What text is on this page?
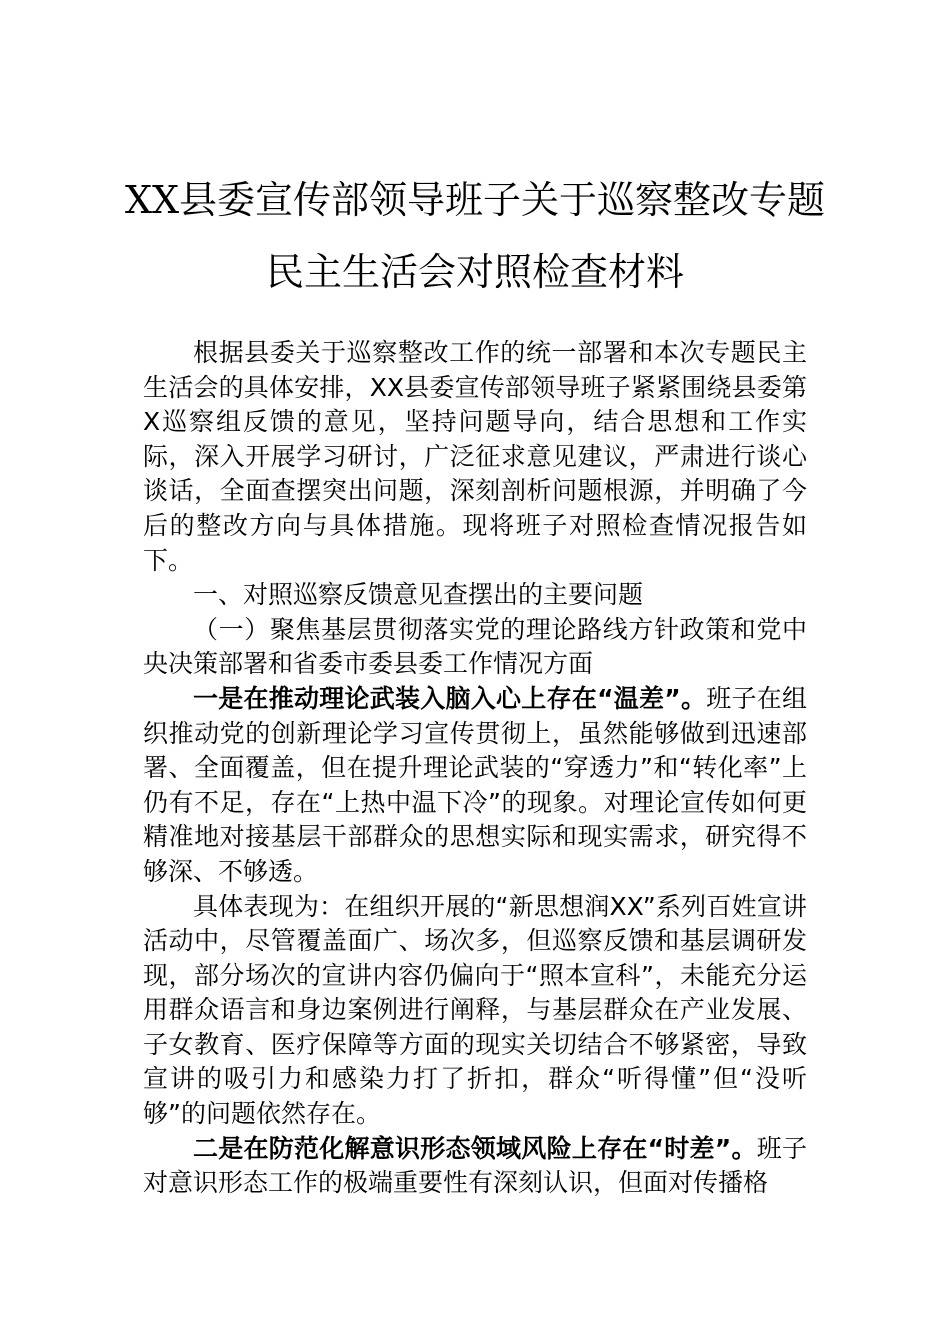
XX县委宣传部领导班子关于巡察整改专题
民主生活会对照检查材料

根据县委关于巡察整改工作的统一部署和本次专题民主生活会的具体安排，XX县委宣传部领导班子紧紧围绕县委第X巡察组反馈的意见，坚持问题导向，结合思想和工作实际，深入开展学习研讨，广泛征求意见建议，严肃进行谈心谈话，全面查摆突出问题，深刻剖析问题根源，并明确了今后的整改方向与具体措施。现将班子对照检查情况报告如下。

一、对照巡察反馈意见查摆出的主要问题

（一）聚焦基层贯彻落实党的理论路线方针政策和党中央决策部署和省委市委县委工作情况方面

一是在推动理论武装入脑入心上存在“温差”。班子在组织推动党的创新理论学习宣传贯彻上，虽然能够做到迅速部署、全面覆盖，但在提升理论武装的“穿透力”和“转化率”上仍有不足，存在“上热中温下冷”的现象。对理论宣传如何更精准地对接基层干部群众的思想实际和现实需求，研究得不够深、不够透。

具体表现为：在组织开展的“新思想润XX”系列百姓宣讲活动中，尽管覆盖面广、场次多，但巡察反馈和基层调研发现，部分场次的宣讲内容仍偏向于“照本宣科”，未能充分运用群众语言和身边案例进行阐释，与基层群众在产业发展、子女教育、医疗保障等方面的现实关切结合不够紧密，导致宣讲的吸引力和感染力打了折扣，群众“听得懂”但“没听够”的问题依然存在。

二是在防范化解意识形态领域风险上存在“时差”。班子对意识形态工作的极端重要性有深刻认识，但面对传播格
